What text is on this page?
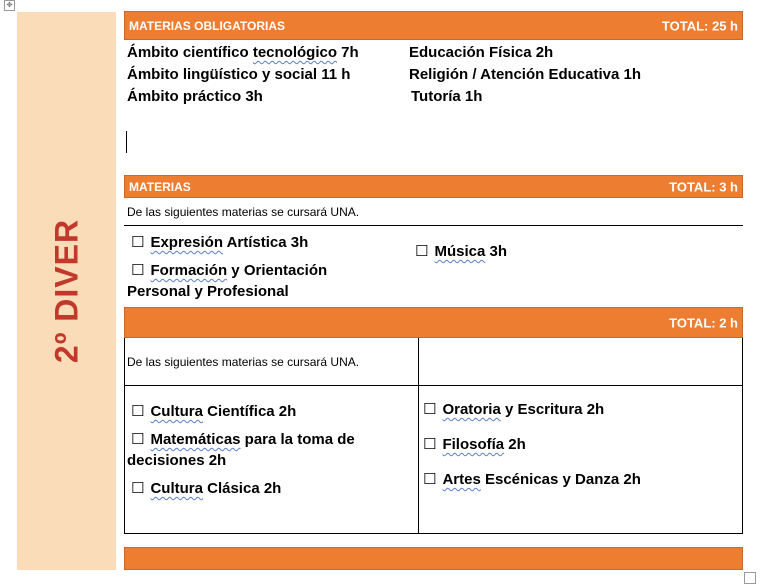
✥
2º DIVER
MATERIAS OBLIGATORIAS	TOTAL: 25 h
Ámbito científico tecnológico 7h
Ámbito lingüístico y social 11 h
Ámbito práctico 3h
Educación Física 2h
Religión / Atención Educativa 1h
Tutoría 1h
MATERIAS	TOTAL: 3 h
De las siguientes materias se cursará UNA.
☐ Expresión Artística 3h
☐ Formación y Orientación
Personal y Profesional
☐ Música 3h
TOTAL: 2 h
De las siguientes materias se cursará UNA.
☐ Cultura Científica 2h
☐ Matemáticas para la toma de
decisiones 2h
☐ Cultura Clásica 2h
☐ Oratoria y Escritura 2h
☐ Filosofía 2h
☐ Artes Escénicas y Danza 2h
